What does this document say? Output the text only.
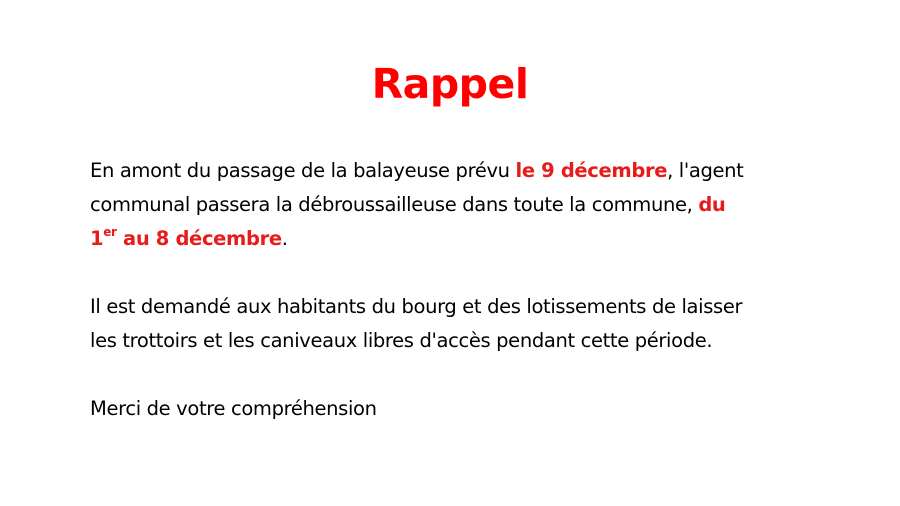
Rappel
En amont du passage de la balayeuse prévu le 9 décembre, l'agent
communal passera la débroussailleuse dans toute la commune, du
1er au 8 décembre.
Il est demandé aux habitants du bourg et des lotissements de laisser
les trottoirs et les caniveaux libres d'accès pendant cette période.
Merci de votre compréhension
